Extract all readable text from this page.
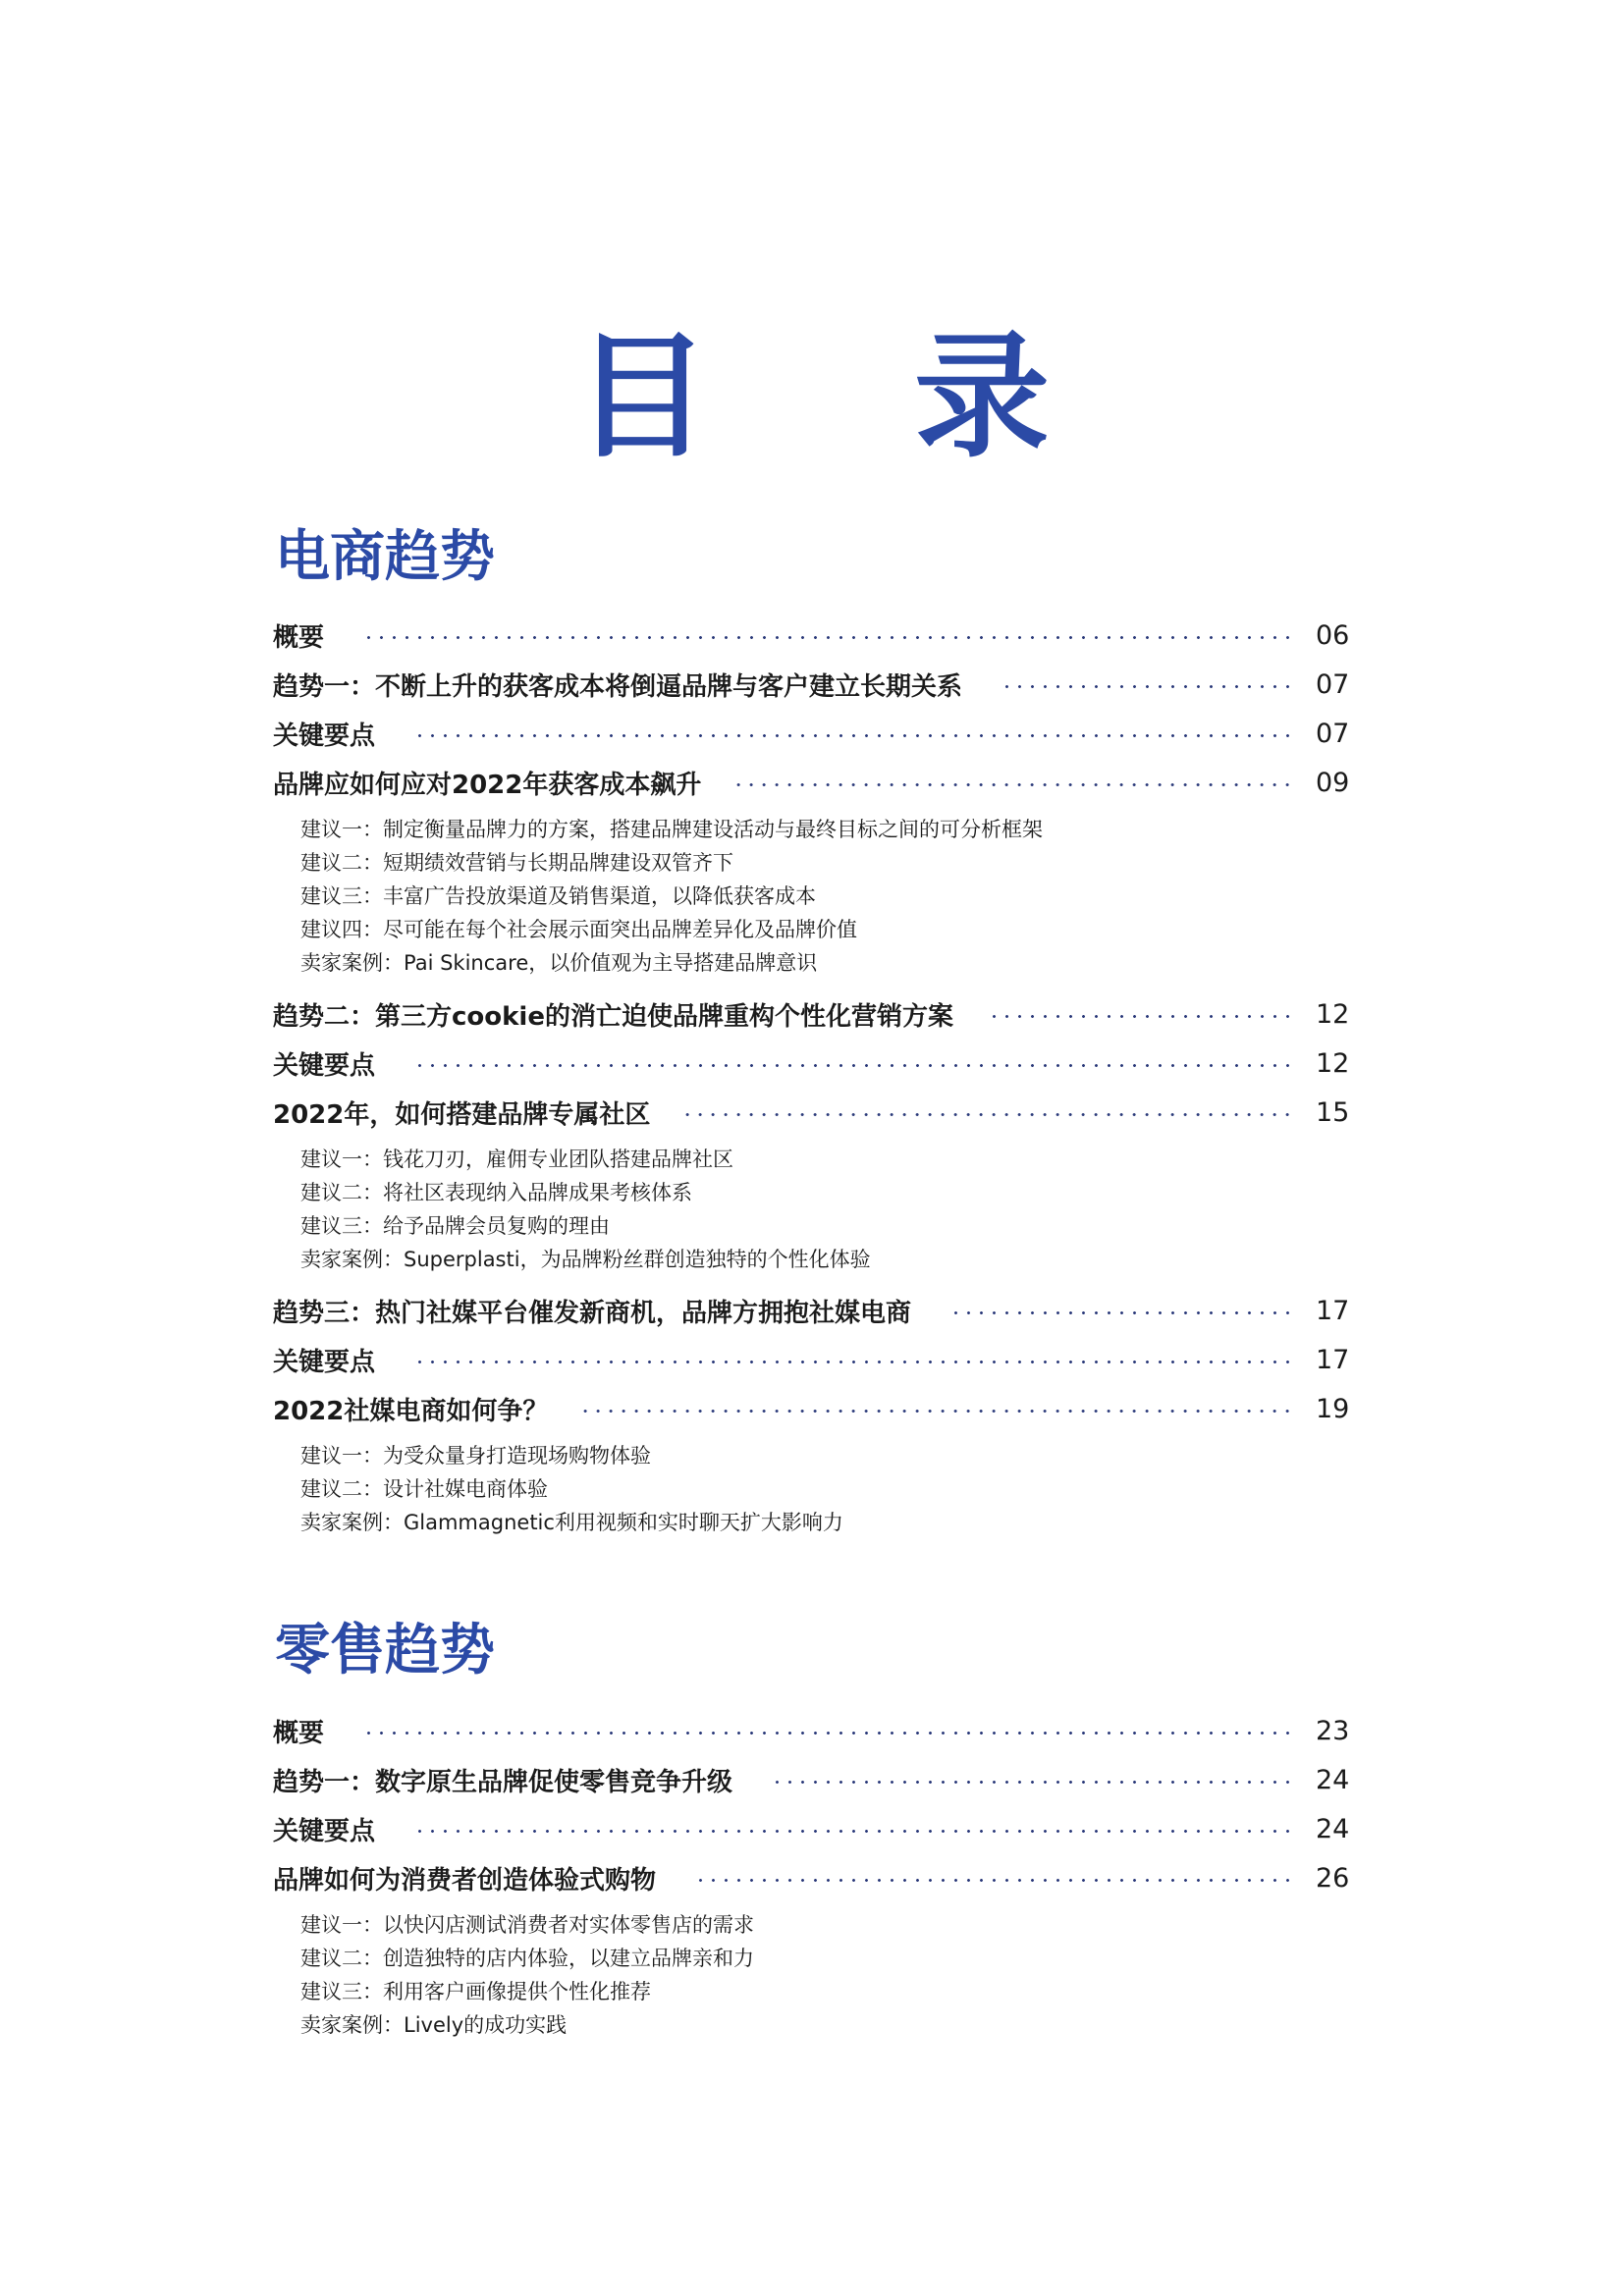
目 录
电商趋势
概要	06
趋势一：不断上升的获客成本将倒逼品牌与客户建立长期关系	07
关键要点	07
品牌应如何应对2022年获客成本飙升	09
建议一：制定衡量品牌力的方案，搭建品牌建设活动与最终目标之间的可分析框架
建议二：短期绩效营销与长期品牌建设双管齐下
建议三：丰富广告投放渠道及销售渠道，以降低获客成本
建议四：尽可能在每个社会展示面突出品牌差异化及品牌价值
卖家案例：Pai Skincare，以价值观为主导搭建品牌意识
趋势二：第三方cookie的消亡迫使品牌重构个性化营销方案	12
关键要点	12
2022年，如何搭建品牌专属社区	15
建议一：钱花刀刃，雇佣专业团队搭建品牌社区
建议二：将社区表现纳入品牌成果考核体系
建议三：给予品牌会员复购的理由
卖家案例：Superplasti，为品牌粉丝群创造独特的个性化体验
趋势三：热门社媒平台催发新商机，品牌方拥抱社媒电商	17
关键要点	17
2022社媒电商如何争？	19
建议一：为受众量身打造现场购物体验
建议二：设计社媒电商体验
卖家案例：Glammagnetic利用视频和实时聊天扩大影响力
零售趋势
概要	23
趋势一：数字原生品牌促使零售竞争升级	24
关键要点	24
品牌如何为消费者创造体验式购物	26
建议一：以快闪店测试消费者对实体零售店的需求
建议二：创造独特的店内体验，以建立品牌亲和力
建议三：利用客户画像提供个性化推荐
卖家案例：Lively的成功实践
